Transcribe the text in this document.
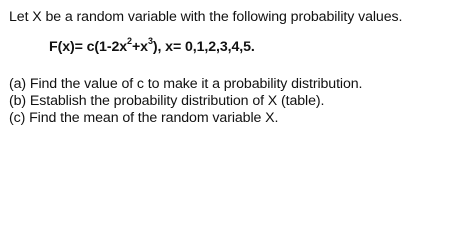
Let X be a random variable with the following probability values.
$F(x)= c(1-2x^2+x^3)$, x= 0,1,2,3,4,5.
(a) Find the value of c to make it a probability distribution.
(b) Establish the probability distribution of X (table).
(c) Find the mean of the random variable X.
